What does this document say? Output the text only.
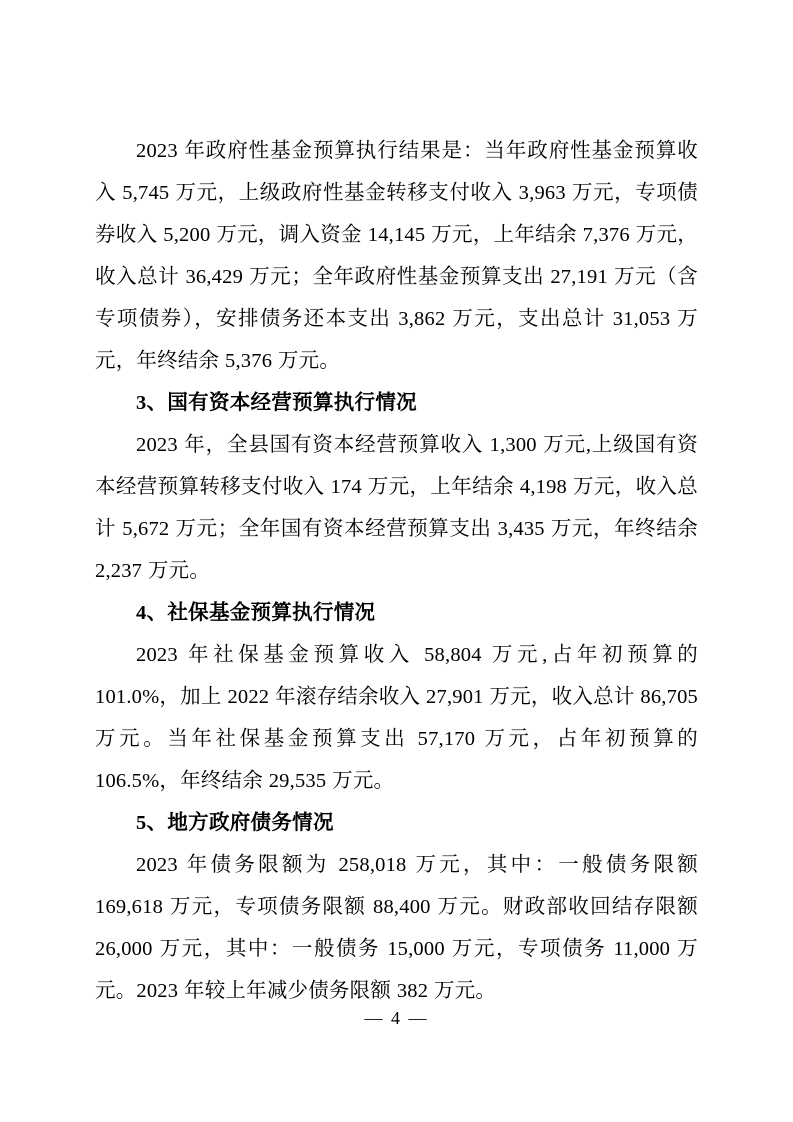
2023 年政府性基金预算执行结果是：当年政府性基金预算收入 5,745 万元，上级政府性基金转移支付收入 3,963 万元，专项债券收入 5,200 万元，调入资金 14,145 万元，上年结余 7,376 万元，收入总计 36,429 万元；全年政府性基金预算支出 27,191 万元（含专项债券），安排债务还本支出 3,862 万元，支出总计 31,053 万元，年终结余 5,376 万元。

3、国有资本经营预算执行情况

2023 年，全县国有资本经营预算收入 1,300 万元,上级国有资本经营预算转移支付收入 174 万元，上年结余 4,198 万元，收入总计 5,672 万元；全年国有资本经营预算支出 3,435 万元，年终结余 2,237 万元。

4、社保基金预算执行情况

2023 年社保基金预算收入 58,804 万元,占年初预算的 101.0%，加上 2022 年滚存结余收入 27,901 万元，收入总计 86,705 万元。当年社保基金预算支出 57,170 万元，占年初预算的 106.5%，年终结余 29,535 万元。

5、地方政府债务情况

2023 年债务限额为 258,018 万元，其中：一般债务限额 169,618 万元，专项债务限额 88,400 万元。财政部收回结存限额 26,000 万元，其中：一般债务 15,000 万元，专项债务 11,000 万元。2023 年较上年减少债务限额 382 万元。

— 4 —
